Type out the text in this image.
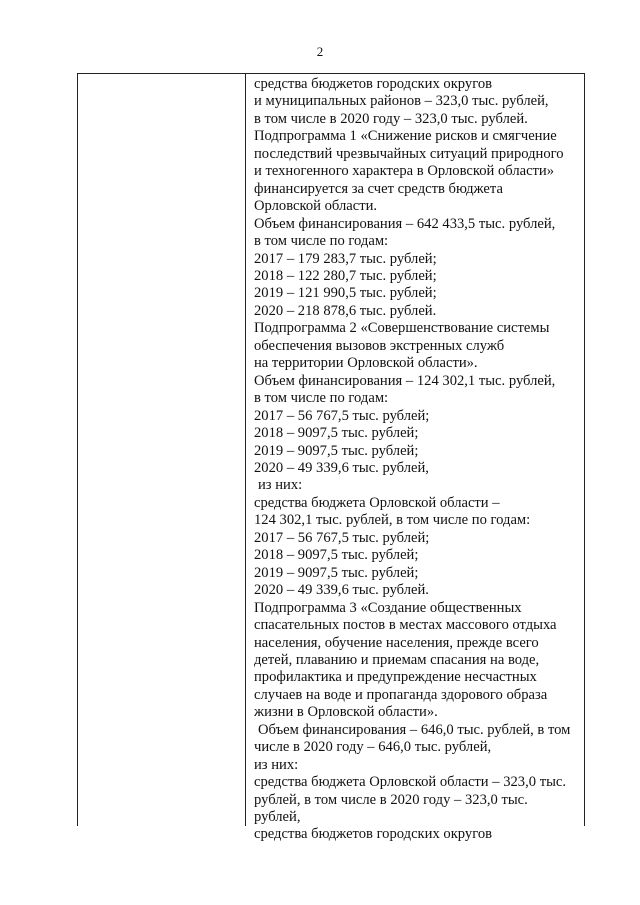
2
средства бюджетов городских округов
и муниципальных районов – 323,0 тыс. рублей,
в том числе в 2020 году – 323,0 тыс. рублей.
Подпрограмма 1 «Снижение рисков и смягчение
последствий чрезвычайных ситуаций природного
и техногенного характера в Орловской области»
финансируется за счет средств бюджета
Орловской области.
Объем финансирования – 642 433,5 тыс. рублей,
в том числе по годам:
2017 – 179 283,7 тыс. рублей;
2018 – 122 280,7 тыс. рублей;
2019 – 121 990,5 тыс. рублей;
2020 – 218 878,6 тыс. рублей.
Подпрограмма 2 «Совершенствование системы
обеспечения вызовов экстренных служб
на территории Орловской области».
Объем финансирования – 124 302,1 тыс. рублей,
в том числе по годам:
2017 – 56 767,5 тыс. рублей;
2018 – 9097,5 тыс. рублей;
2019 – 9097,5 тыс. рублей;
2020 – 49 339,6 тыс. рублей,
из них:
средства бюджета Орловской области –
124 302,1 тыс. рублей, в том числе по годам:
2017 – 56 767,5 тыс. рублей;
2018 – 9097,5 тыс. рублей;
2019 – 9097,5 тыс. рублей;
2020 – 49 339,6 тыс. рублей.
Подпрограмма 3 «Создание общественных
спасательных постов в местах массового отдыха
населения, обучение населения, прежде всего
детей, плаванию и приемам спасания на воде,
профилактика и предупреждение несчастных
случаев на воде и пропаганда здорового образа
жизни в Орловской области».
Объем финансирования – 646,0 тыс. рублей, в том
числе в 2020 году – 646,0 тыс. рублей,
из них:
средства бюджета Орловской области – 323,0 тыс.
рублей, в том числе в 2020 году – 323,0 тыс.
рублей,
средства бюджетов городских округов
